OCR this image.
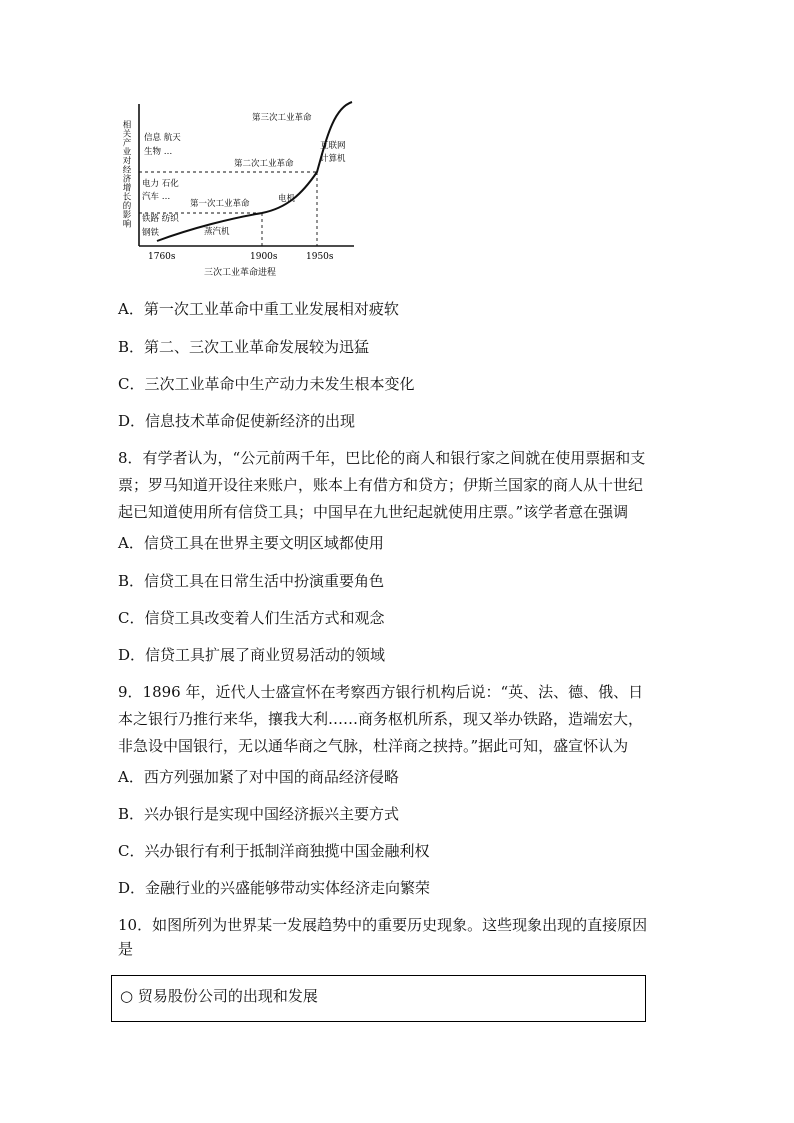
相关产业对经济增长的影响
1760s	1900s	1950s
三次工业革命进程
信息 航天
生物 …
电力 石化
汽车 …
铁路 纺织
钢铁
第一次工业革命
第二次工业革命
第三次工业革命
蒸汽机
电机
互联网
计算机
A．第一次工业革命中重工业发展相对疲软
B．第二、三次工业革命发展较为迅猛
C．三次工业革命中生产动力未发生根本变化
D．信息技术革命促使新经济的出现
8．有学者认为，“公元前两千年，巴比伦的商人和银行家之间就在使用票据和支
票；罗马知道开设往来账户，账本上有借方和贷方；伊斯兰国家的商人从十世纪
起已知道使用所有信贷工具；中国早在九世纪起就使用庄票。”该学者意在强调
A．信贷工具在世界主要文明区域都使用
B．信贷工具在日常生活中扮演重要角色
C．信贷工具改变着人们生活方式和观念
D．信贷工具扩展了商业贸易活动的领域
9．1896 年，近代人士盛宣怀在考察西方银行机构后说：“英、法、德、俄、日
本之银行乃推行来华，攘我大利……商务枢机所系，现又举办铁路，造端宏大，
非急设中国银行，无以通华商之气脉，杜洋商之挟持。”据此可知，盛宣怀认为
A．西方列强加紧了对中国的商品经济侵略
B．兴办银行是实现中国经济振兴主要方式
C．兴办银行有利于抵制洋商独揽中国金融利权
D．金融行业的兴盛能够带动实体经济走向繁荣
10．如图所列为世界某一发展趋势中的重要历史现象。这些现象出现的直接原因
是
○ 贸易股份公司的出现和发展
